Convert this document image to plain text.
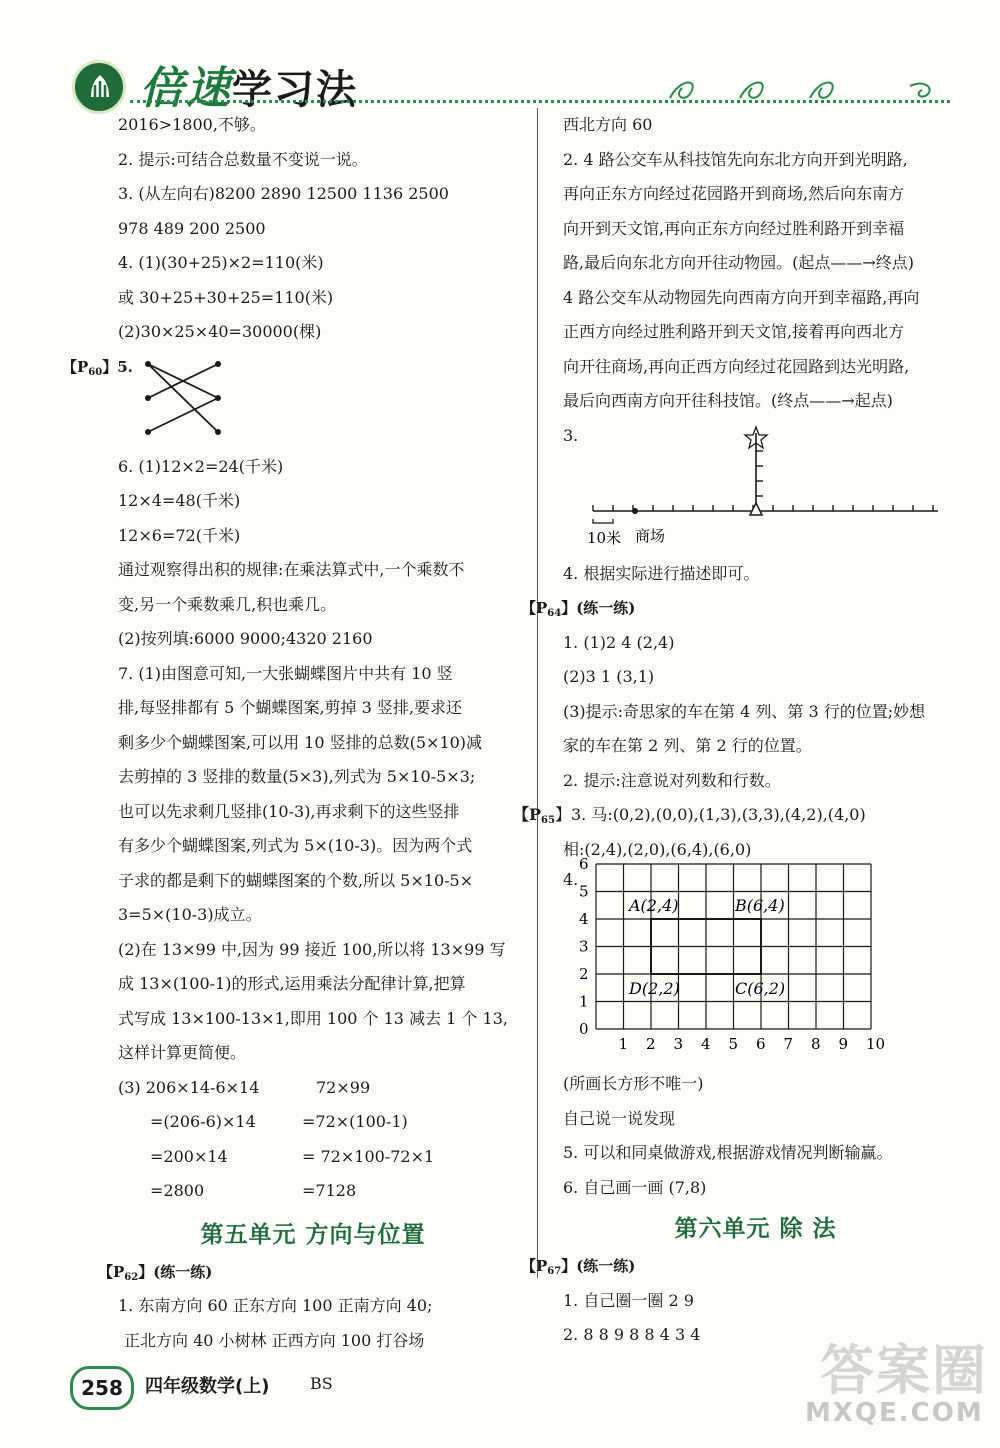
倍速学习法
2016>1800,不够。
2. 提示:可结合总数量不变说一说。
3. (从左向右)8200 2890 12500 1136 2500
978 489 200 2500
4. (1)(30+25)×2=110(米)
或 30+25+30+25=110(米)
(2)30×25×40=30000(棵)
【$P_{60}$】5.
6. (1)12×2=24(千米)
12×4=48(千米)
12×6=72(千米)
通过观察得出积的规律:在乘法算式中,一个乘数不
变,另一个乘数乘几,积也乘几。
(2)按列填:6000 9000;4320 2160
7. (1)由图意可知,一大张蝴蝶图片中共有 10 竖
排,每竖排都有 5 个蝴蝶图案,剪掉 3 竖排,要求还
剩多少个蝴蝶图案,可以用 10 竖排的总数(5×10)减
去剪掉的 3 竖排的数量(5×3),列式为 5×10-5×3;
也可以先求剩几竖排(10-3),再求剩下的这些竖排
有多少个蝴蝶图案,列式为 5×(10-3)。因为两个式
子求的都是剩下的蝴蝶图案的个数,所以 5×10-5×
3=5×(10-3)成立。
(2)在 13×99 中,因为 99 接近 100,所以将 13×99 写
成 13×(100-1)的形式,运用乘法分配律计算,把算
式写成 13×100-13×1,即用 100 个 13 减去 1 个 13,
这样计算更简便。
(3) 206×14-6×14	72×99
=(206-6)×14	=72×(100-1)
=200×14	= 72×100-72×1
=2800	=7128
第五单元 方向与位置
【$P_{62}$】(练一练)
1. 东南方向 60 正东方向 100 正南方向 40;
正北方向 40 小树林 正西方向 100 打谷场
西北方向 60
2. 4 路公交车从科技馆先向东北方向开到光明路,
再向正东方向经过花园路开到商场,然后向东南方
向开到天文馆,再向正东方向经过胜利路开到幸福
路,最后向东北方向开往动物园。(起点——→终点)
4 路公交车从动物园先向西南方向开到幸福路,再向
正西方向经过胜利路开到天文馆,接着再向西北方
向开往商场,再向正西方向经过花园路到达光明路,
最后向西南方向开往科技馆。(终点——→起点)
3.
10米 商场
4. 根据实际进行描述即可。
【$P_{64}$】(练一练)
1. (1)2 4 (2,4)
(2)3 1 (3,1)
(3)提示:奇思家的车在第 4 列、第 3 行的位置;妙想
家的车在第 2 列、第 2 行的位置。
2. 提示:注意说对列数和行数。
【$P_{65}$】3. 马:(0,2),(0,0),(1,3),(3,3),(4,2),(4,0)
相:(2,4),(2,0),(6,4),(6,0)
4.
1 2 3 4 5 6 7 8 9 10
0
1
2
3
4
5
6
A(2,4)	B(6,4)
D(2,2)	C(6,2)
(所画长方形不唯一)
自己说一说发现
5. 可以和同桌做游戏,根据游戏情况判断输赢。
6. 自己画一画 (7,8)
第六单元 除 法
【$P_{67}$】(练一练)
1. 自己圈一圈 2 9
2. 8 8 9 8 8 4 3 4
258	四年级数学(上)	BS	答案圈
MXQE.COM
